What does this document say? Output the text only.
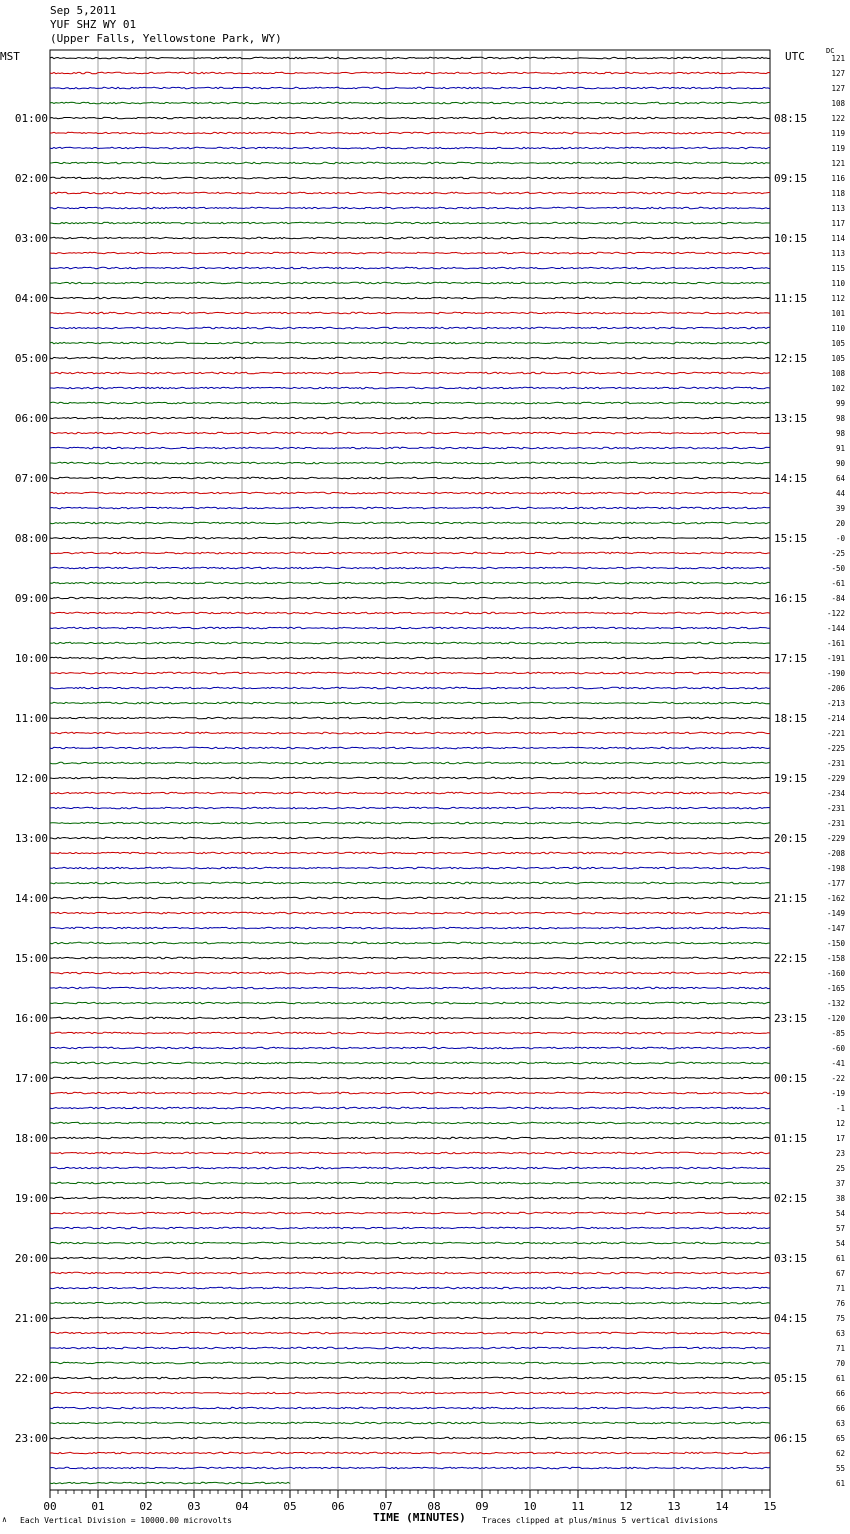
Sep 5,2011
YUF SHZ WY 01
(Upper Falls, Yellowstone Park, WY)
MST	UTC	DC
01:00
02:00
03:00
04:00
05:00
06:00
07:00
08:00
09:00
10:00
11:00
12:00
13:00
14:00
15:00
16:00
17:00
18:00
19:00
20:00
21:00
22:00
23:00
08:15
09:15
10:15
11:15
12:15
13:15
14:15
15:15
16:15
17:15
18:15
19:15
20:15
21:15
22:15
23:15
00:15
01:15
02:15
03:15
04:15
05:15
06:15
121
127
127
108
122
119
119
121
116
118
113
117
114
113
115
110
112
101
110
105
105
108
102
99
98
98
91
90
64
44
39
20
-0
-25
-50
-61
-84
-122
-144
-161
-191
-190
-206
-213
-214
-221
-225
-231
-229
-234
-231
-231
-229
-208
-198
-177
-162
-149
-147
-150
-158
-160
-165
-132
-120
-85
-60
-41
-22
-19
-1
12
17
23
25
37
38
54
57
54
61
67
71
76
75
63
71
70
61
66
66
63
65
62
55
61
00	01	02	03	04	05	06	07	08	09	10	11	12	13	14	15
∧ Each Vertical Division = 10000.00 microvolts	TIME (MINUTES) Traces clipped at plus/minus 5 vertical divisions
